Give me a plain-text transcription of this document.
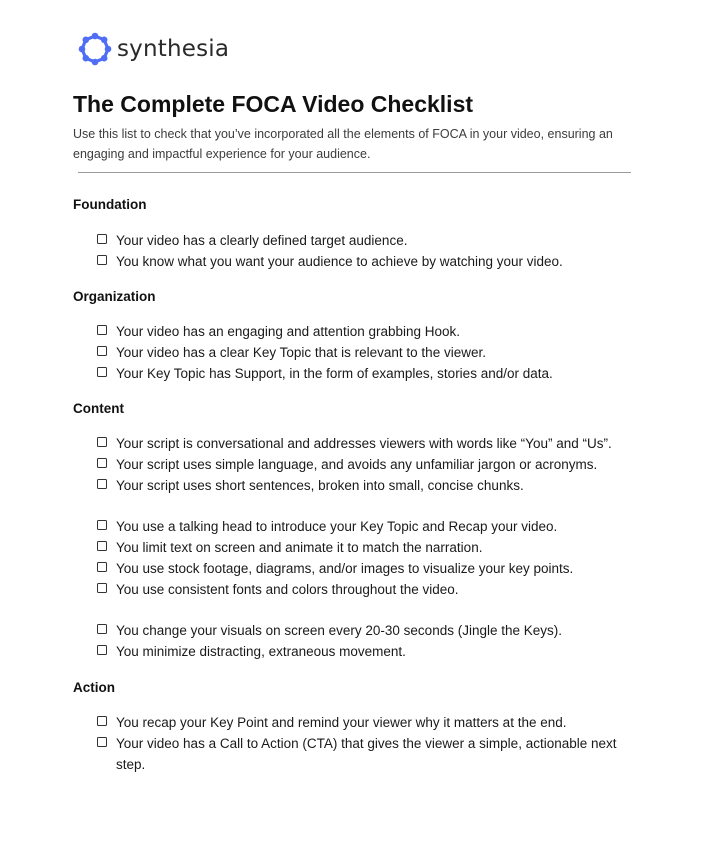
synthesia
The Complete FOCA Video Checklist

Use this list to check that you’ve incorporated all the elements of FOCA in your video, ensuring an engaging and impactful experience for your audience.

Foundation
Your video has a clearly defined target audience.
You know what you want your audience to achieve by watching your video.
Organization
Your video has an engaging and attention grabbing Hook.
Your video has a clear Key Topic that is relevant to the viewer.
Your Key Topic has Support, in the form of examples, stories and/or data.
Content
Your script is conversational and addresses viewers with words like “You” and “Us”.
Your script uses simple language, and avoids any unfamiliar jargon or acronyms.
Your script uses short sentences, broken into small, concise chunks.
You use a talking head to introduce your Key Topic and Recap your video.
You limit text on screen and animate it to match the narration.
You use stock footage, diagrams, and/or images to visualize your key points.
You use consistent fonts and colors throughout the video.
You change your visuals on screen every 20-30 seconds (Jingle the Keys).
You minimize distracting, extraneous movement.
Action
You recap your Key Point and remind your viewer why it matters at the end.
Your video has a Call to Action (CTA) that gives the viewer a simple, actionable next step.
